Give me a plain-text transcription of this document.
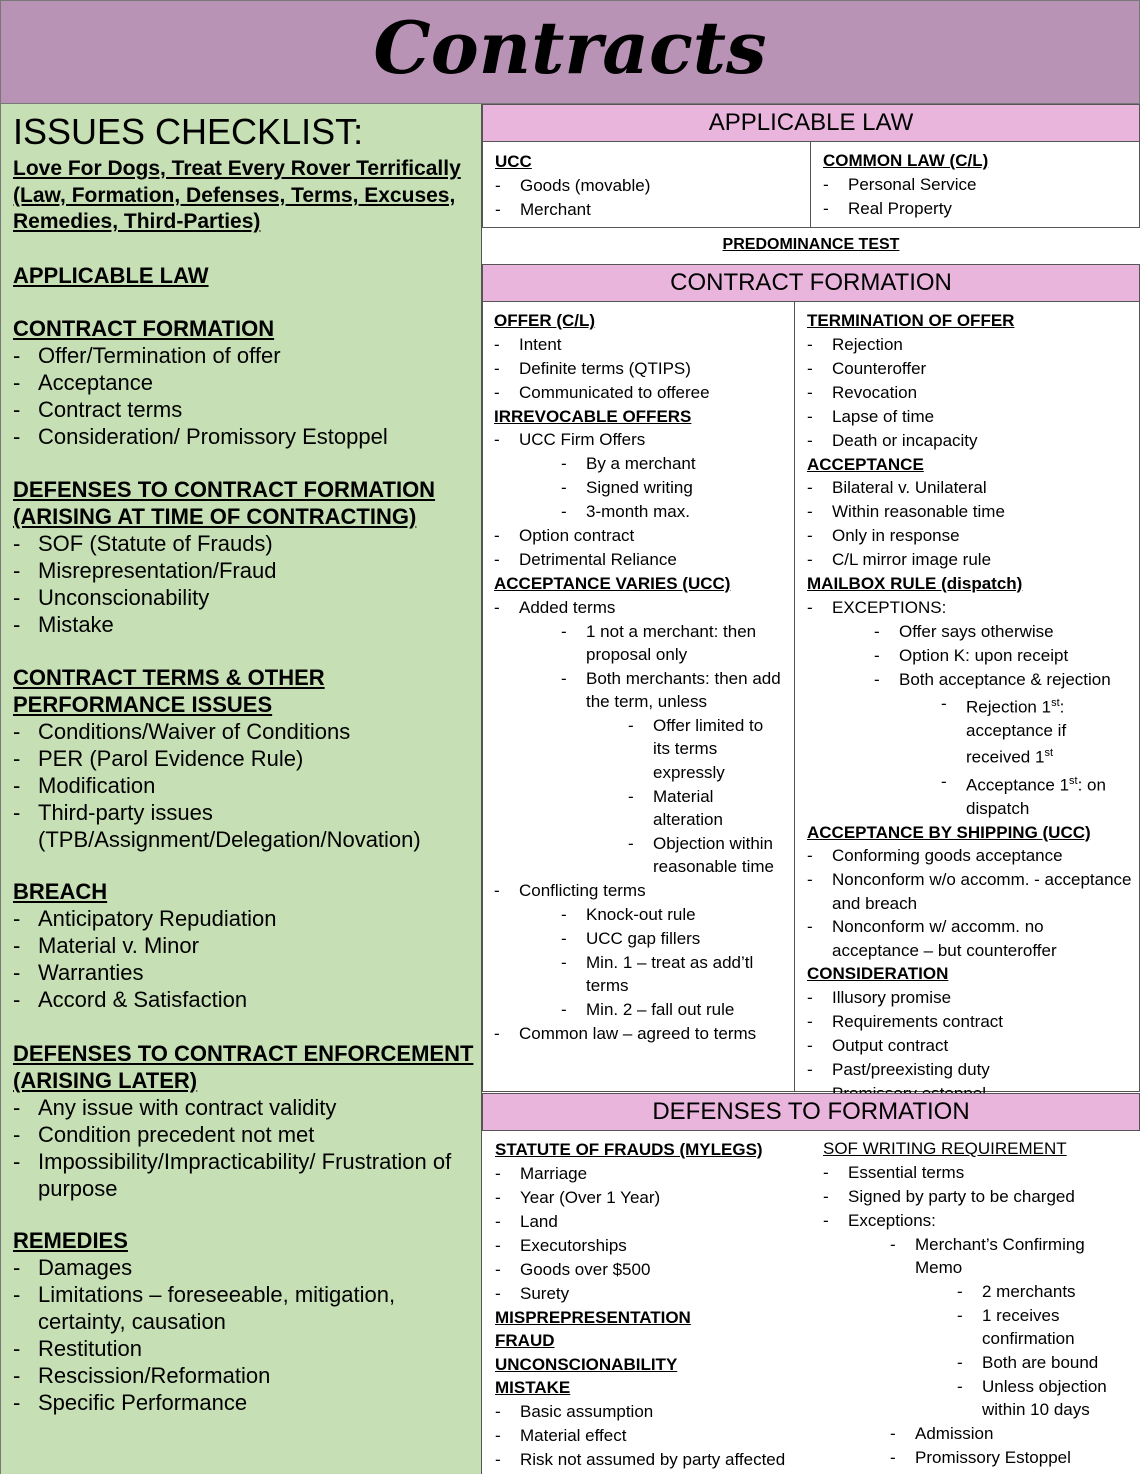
Contracts
ISSUES CHECKLIST:
Love For Dogs, Treat Every Rover Terrifically (Law, Formation, Defenses, Terms, Excuses, Remedies, Third-Parties)
APPLICABLE LAW
CONTRACT FORMATION
- Offer/Termination of offer
- Acceptance
- Contract terms
- Consideration/ Promissory Estoppel
DEFENSES TO CONTRACT FORMATION (ARISING AT TIME OF CONTRACTING)
- SOF (Statute of Frauds)
- Misrepresentation/Fraud
- Unconscionability
- Mistake
CONTRACT TERMS & OTHER PERFORMANCE ISSUES
- Conditions/Waiver of Conditions
- PER (Parol Evidence Rule)
- Modification
- Third-party issues (TPB/Assignment/Delegation/Novation)
BREACH
- Anticipatory Repudiation
- Material v. Minor
- Warranties
- Accord & Satisfaction
DEFENSES TO CONTRACT ENFORCEMENT (ARISING LATER)
- Any issue with contract validity
- Condition precedent not met
- Impossibility/Impracticability/ Frustration of purpose
REMEDIES
- Damages
- Limitations – foreseeable, mitigation, certainty, causation
- Restitution
- Rescission/Reformation
- Specific Performance
APPLICABLE LAW
UCC
-	Goods (movable)
-	Merchant
COMMON LAW (C/L)
-	Personal Service
-	Real Property
PREDOMINANCE TEST
CONTRACT FORMATION
OFFER (C/L)
-	Intent
-	Definite terms (QTIPS)
-	Communicated to offeree
IRREVOCABLE OFFERS
-	UCC Firm Offers
-	By a merchant
-	Signed writing
-	3-month max.
-	Option contract
-	Detrimental Reliance
ACCEPTANCE VARIES (UCC)
-	Added terms
-	1 not a merchant: then proposal only
-	Both merchants: then add the term, unless
-	Offer limited to its terms expressly
-	Material alteration
-	Objection within reasonable time
-	Conflicting terms
-	Knock-out rule
-	UCC gap fillers
-	Min. 1 – treat as add’tl terms
-	Min. 2 – fall out rule
-	Common law – agreed to terms
TERMINATION OF OFFER
-	Rejection
-	Counteroffer
-	Revocation
-	Lapse of time
-	Death or incapacity
ACCEPTANCE
-	Bilateral v. Unilateral
-	Within reasonable time
-	Only in response
-	C/L mirror image rule
MAILBOX RULE (dispatch)
-	EXCEPTIONS:
-	Offer says otherwise
-	Option K: upon receipt
-	Both acceptance & rejection
-	Rejection 1st: acceptance if received 1st
-	Acceptance 1st: on dispatch
ACCEPTANCE BY SHIPPING (UCC)
-	Conforming goods acceptance
-	Nonconform w/o accomm. - acceptance and breach
-	Nonconform w/ accomm. no acceptance – but counteroffer
CONSIDERATION
-	Illusory promise
-	Requirements contract
-	Output contract
-	Past/preexisting duty
DEFENSES TO FORMATION
STATUTE OF FRAUDS (MYLEGS)
-	Marriage
-	Year (Over 1 Year)
-	Land
-	Executorships
-	Goods over $500
-	Surety
MISPREPRESENTATION
FRAUD
UNCONSCIONABILITY
MISTAKE
-	Basic assumption
-	Material effect
-	Risk not assumed by party affected
SOF WRITING REQUIREMENT
-	Essential terms
-	Signed by party to be charged
-	Exceptions:
-	Merchant’s Confirming Memo
-	2 merchants
-	1 receives confirmation
-	Both are bound
-	Unless objection within 10 days
-	Admission
-	Promissory Estoppel
